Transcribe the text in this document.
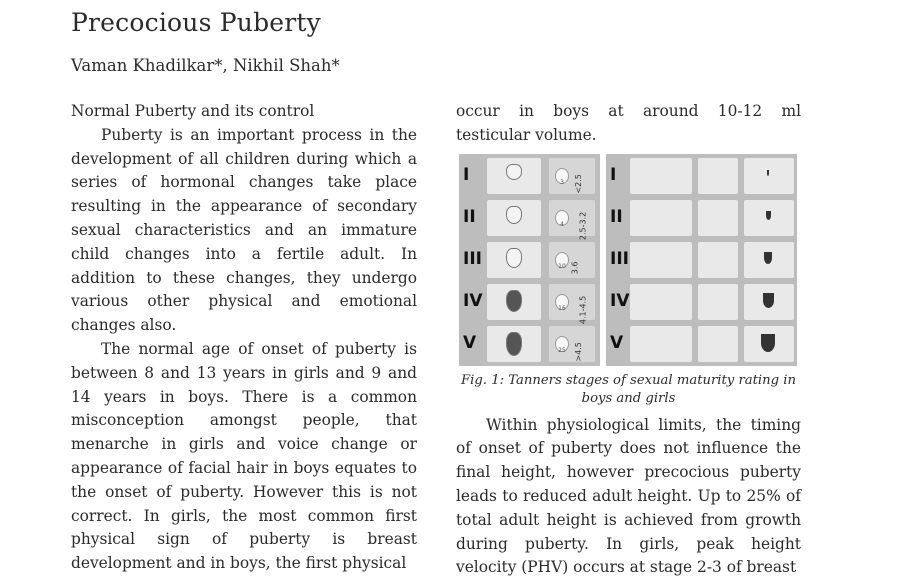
Precocious Puberty
Vaman Khadilkar*, Nikhil Shah*
Normal Puberty and its control

Puberty is an important process in the development of all children during which a series of hormonal changes take place resulting in the appearance of secondary sexual characteristics and an immature child changes into a fertile adult. In addition to these changes, they undergo various other physical and emotional changes also.

The normal age of onset of puberty is between 8 and 13 years in girls and 9 and 14 years in boys. There is a common misconception amongst people, that menarche in girls and voice change or appearance of facial hair in boys equates to the onset of puberty. However this is not correct. In girls, the most common first physical sign of puberty is breast development and in boys, the first physical

occur in boys at around 10-12 ml

testicular volume.

I	3	<2.5
II	4	2.5-3.2
III	10 3.6
IV	16	4.1-4.5
V	25	>4.5
I
II
III
IV
V
Fig. 1: Tanners stages of sexual maturity rating in
boys and girls

Within physiological limits, the timing of onset of puberty does not influence the final height, however precocious puberty leads to reduced adult height. Up to 25% of total adult height is achieved from growth during puberty. In girls, peak height velocity (PHV) occurs at stage 2-3 of breast
